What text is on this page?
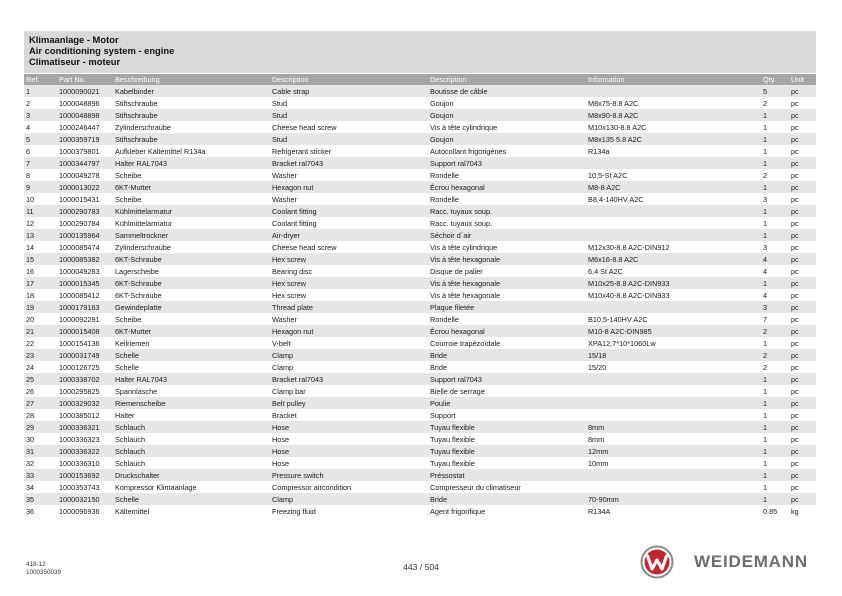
Klimaanlage - Motor
Air conditioning system - engine
Climatiseur - moteur
Ref.	Part No.	Beschreibung	Description	Description	Information	Qty.	Unit
1	1000090021	Kabelbinder	Cable strap	Boutisse de câble		5	pc
2	1000048896	Stiftschraube	Stud	Goujon	M8x75-8.8 A2C	2	pc
3	1000048898	Stiftschraube	Stud	Goujon	M8x90-8.8 A2C	1	pc
4	1000246447	Zylinderschraube	Cheese head screw	Vis à tête cylindrique	M10x130-8.8 A2C	1	pc
5	1000359719	Stiftschraube	Stud	Goujon	M8x135 5.8 A2C	1	pc
6	1000379801	Aufkleber Kältemittel R134a	Refrigerant sticker	Autocollant frigorigènes	R134a	1	pc
7	1000344797	Halter RAL7043	Bracket ral7043	Support ral7043		1	pc
8	1000049278	Scheibe	Washer	Rondelle	10,5-St A2C	2	pc
9	1000013022	6KT-Mutter	Hexagon nut	Écrou hexagonal	M8-8 A2C	1	pc
10	1000015431	Scheibe	Washer	Rondelle	B8,4-140HV A2C	3	pc
11	1000290783	Kühlmittelarmatur	Coolant fitting	Racc. tuyaux soup.		1	pc
12	1000290784	Kühlmittelarmatur	Coolant fitting	Racc. tuyaux soup.		1	pc
13	1000135964	Sammeltrockner	Air-dryer	Séchoir d´air		1	pc
14	1000085474	Zylinderschraube	Cheese head screw	Vis à tête cylindrique	M12x30-8.8 A2C-DIN912	3	pc
15	1000085382	6KT-Schraube	Hex screw	Vis à tête hexagonale	M6x16-8.8 A2C	4	pc
16	1000049283	Lagerscheibe	Bearing disc	Disque de palier	6,4 St A2C	4	pc
17	1000015345	6KT-Schraube	Hex screw	Vis à tête hexagonale	M10x25-8.8 A2C-DIN933	1	pc
18	1000085412	6KT-Schraube	Hex screw	Vis à tête hexagonale	M10x40-8.8 A2C-DIN933	4	pc
19	1000179163	Gewindeplatte	Thread plate	Plaque filetée		3	pc
20	1000092291	Scheibe	Washer	Rondelle	B10,5-140HV A2C	7	pc
21	1000015408	6KT-Mutter	Hexagon nut	Écrou hexagonal	M10-8 A2C-DIN985	2	pc
22	1000154136	Keilriemen	V-belt	Courroie trapézoïdale	XPA12,7*10*1060Lw	1	pc
23	1000031749	Schelle	Clamp	Bride	15/18	2	pc
24	1000126725	Schelle	Clamp	Bride	15/20	2	pc
25	1000338702	Halter RAL7043	Bracket ral7043	Support ral7043		1	pc
26	1000295825	Spannlasche	Clamp bar	Bielle de serrage		1	pc
27	1000329032	Riemenscheibe	Belt pulley	Poulie		1	pc
28	1000385012	Halter	Bracket	Support		1	pc
29	1000336321	Schlauch	Hose	Tuyau flexible	8mm	1	pc
30	1000336323	Schlauch	Hose	Tuyau flexible	8mm	1	pc
31	1000336322	Schlauch	Hose	Tuyau flexible	12mm	1	pc
32	1000336310	Schlauch	Hose	Tuyau flexible	10mm	1	pc
33	1000153692	Druckschalter	Pressure switch	Préssostat		1	pc
34	1000353743	Kompressor Klimaanlage	Compressor aircondition	Compresseur du climatiseur		1	pc
35	1000032150	Schelle	Clamp	Bride	70-90mm	1	pc
36	1000096936	Kältemittel	Freezing fluid	Agent frigorifique	R134A	0.85	kg
418-12
1000350039	443 / 504	WEIDEMANN
